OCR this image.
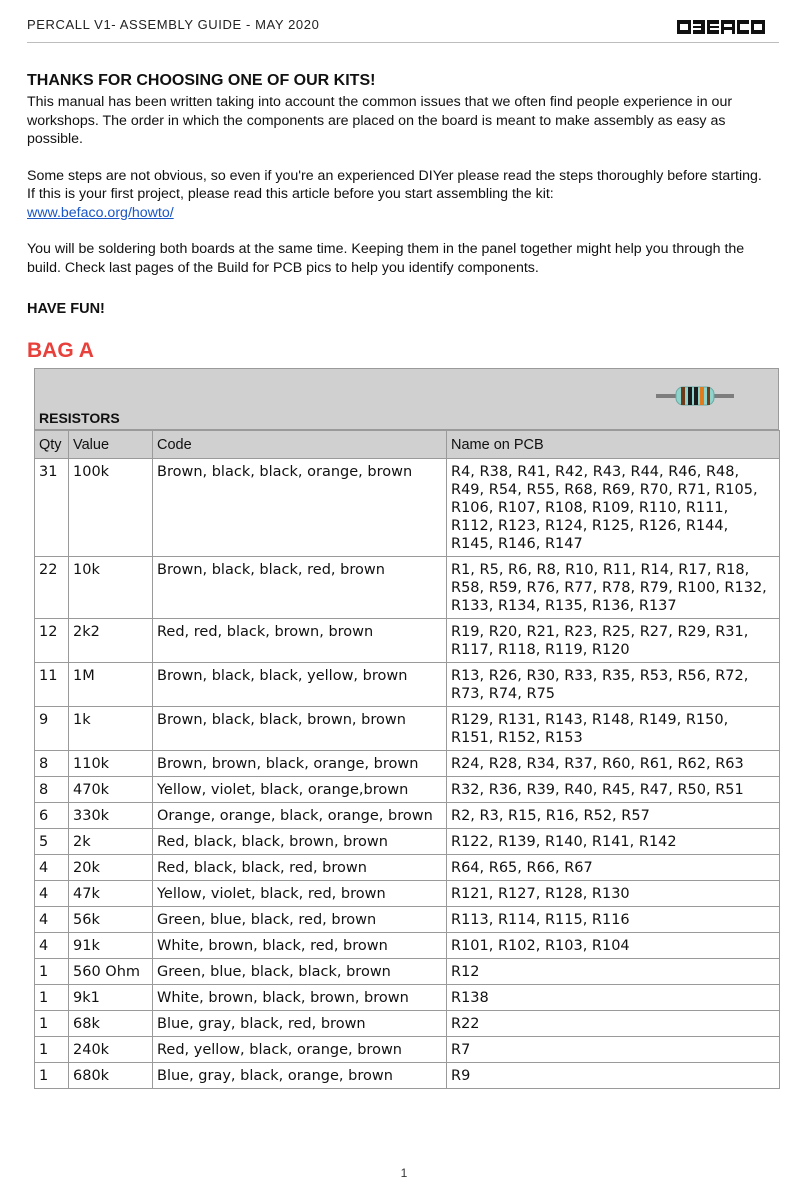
PERCALL V1- ASSEMBLY GUIDE - MAY 2020
THANKS FOR CHOOSING ONE OF OUR KITS!

This manual has been written taking into account the common issues that we often find people experience in our workshops. The order in which the components are placed on the board is meant to make assembly as easy as possible.

Some steps are not obvious, so even if you're an experienced DIYer please read the steps thoroughly before starting.

If this is your first project, please read this article before you start assembling the kit:

www.befaco.org/howto/

You will be soldering both boards at the same time. Keeping them in the panel together might help you through the build. Check last pages of the Build for PCB pics to help you identify components.

HAVE FUN!
BAG A
RESISTORS
Qty	Value	Code	Name on PCB
31	100k	Brown, black, black, orange, brown	R4, R38, R41, R42, R43, R44, R46, R48, R49, R54, R55, R68, R69, R70, R71, R105, R106, R107, R108, R109, R110, R111, R112, R123, R124, R125, R126, R144, R145, R146, R147
22	10k	Brown, black, black, red, brown	R1, R5, R6, R8, R10, R11, R14, R17, R18, R58, R59, R76, R77, R78, R79, R100, R132, R133, R134, R135, R136, R137
12	2k2	Red, red, black, brown, brown	R19, R20, R21, R23, R25, R27, R29, R31, R117, R118, R119, R120
11	1M	Brown, black, black, yellow, brown	R13, R26, R30, R33, R35, R53, R56, R72, R73, R74, R75
9	1k	Brown, black, black, brown, brown	R129, R131, R143, R148, R149, R150, R151, R152, R153
8	110k	Brown, brown, black, orange, brown	R24, R28, R34, R37, R60, R61, R62, R63
8	470k	Yellow, violet, black, orange,brown	R32, R36, R39, R40, R45, R47, R50, R51
6	330k	Orange, orange, black, orange, brown	R2, R3, R15, R16, R52, R57
5	2k	Red, black, black, brown, brown	R122, R139, R140, R141, R142
4	20k	Red, black, black, red, brown	R64, R65, R66, R67
4	47k	Yellow, violet, black, red, brown	R121, R127, R128, R130
4	56k	Green, blue, black, red, brown	R113, R114, R115, R116
4	91k	White, brown, black, red, brown	R101, R102, R103, R104
1	560 Ohm	Green, blue, black, black, brown	R12
1	9k1	White, brown, black, brown, brown	R138
1	68k	Blue, gray, black, red, brown	R22
1	240k	Red, yellow, black, orange, brown	R7
1	680k	Blue, gray, black, orange, brown	R9
1
